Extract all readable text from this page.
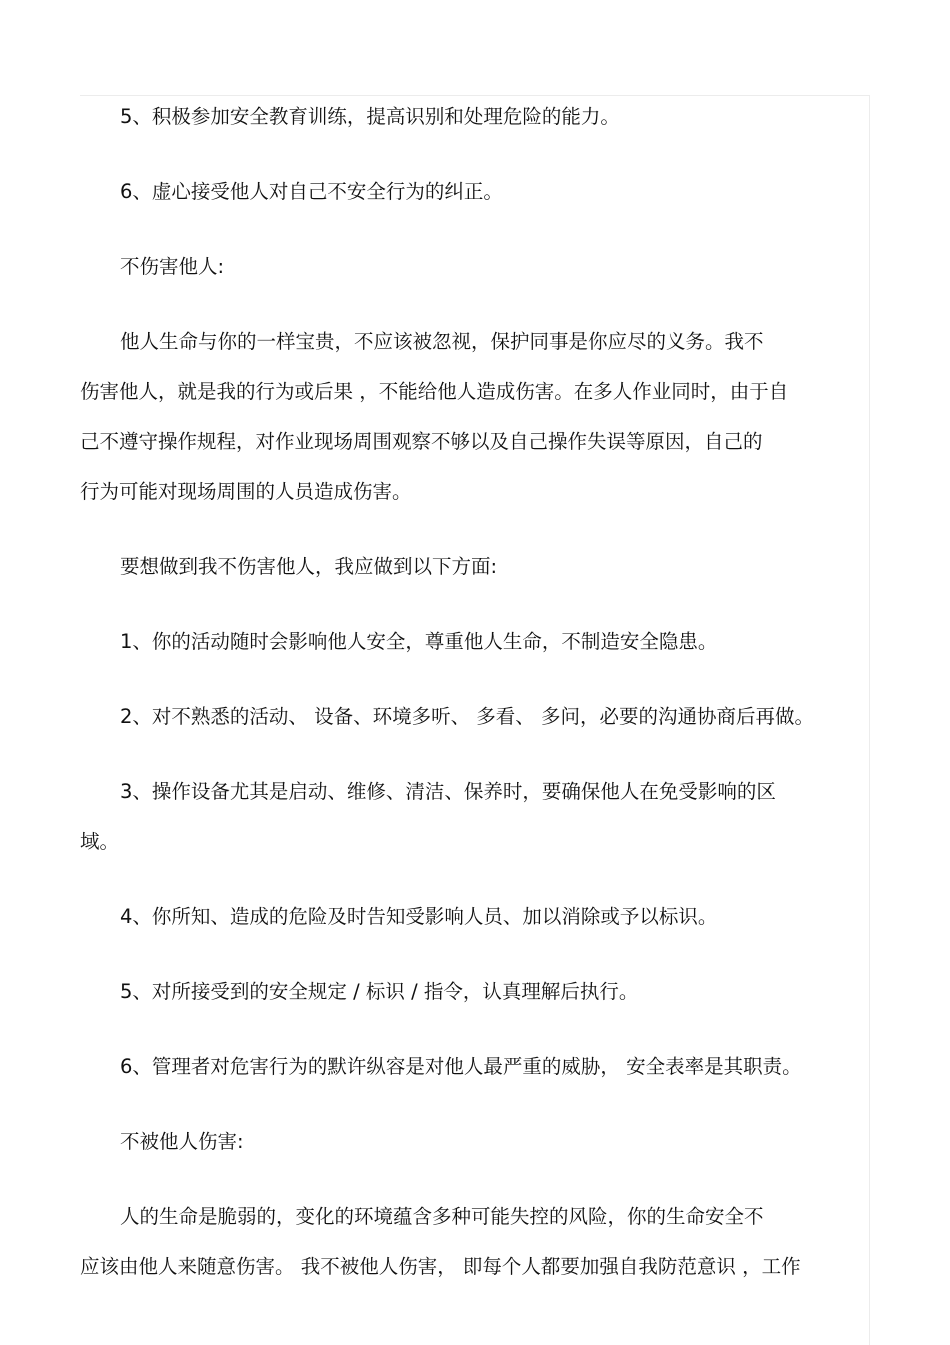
5、积极参加安全教育训练，提高识别和处理危险的能力。

6、虚心接受他人对自己不安全行为的纠正。

不伤害他人:

他人生命与你的一样宝贵，不应该被忽视，保护同事是你应尽的义务。我不

伤害他人，就是我的行为或后果 ，不能给他人造成伤害。在多人作业同时，由于自

己不遵守操作规程，对作业现场周围观察不够以及自己操作失误等原因，自己的

行为可能对现场周围的人员造成伤害。

要想做到我不伤害他人，我应做到以下方面:

1、你的活动随时会影响他人安全，尊重他人生命，不制造安全隐患。

2、对不熟悉的活动、 设备、环境多听、 多看、 多问，必要的沟通协商后再做。

3、操作设备尤其是启动、维修、清洁、保养时，要确保他人在免受影响的区

域。

4、你所知、造成的危险及时告知受影响人员、加以消除或予以标识。

5、对所接受到的安全规定 / 标识 / 指令，认真理解后执行。

6、管理者对危害行为的默许纵容是对他人最严重的威胁， 安全表率是其职责。

不被他人伤害:

人的生命是脆弱的，变化的环境蕴含多种可能失控的风险，你的生命安全不

应该由他人来随意伤害。 我不被他人伤害， 即每个人都要加强自我防范意识 ，工作
